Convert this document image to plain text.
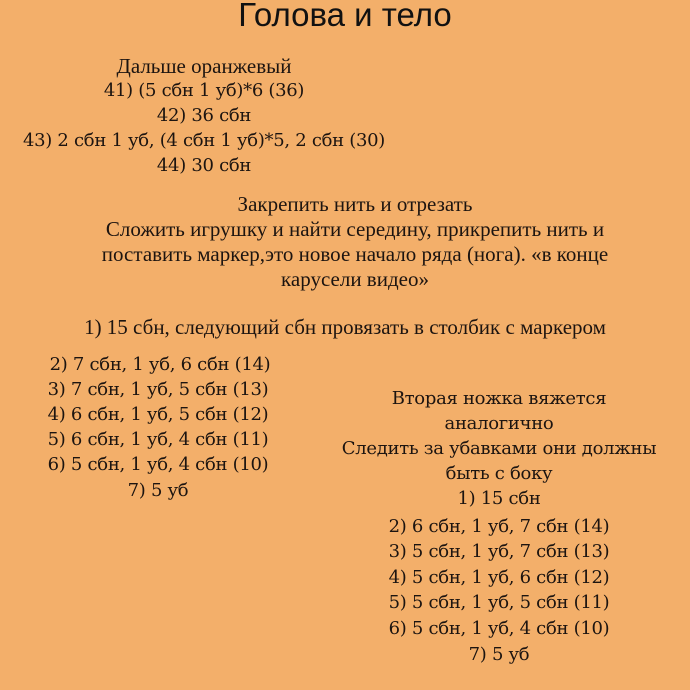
Голова и тело
Дальше оранжевый
41) (5 сбн 1 уб)*6 (36)
42) 36 сбн
43) 2 сбн 1 уб, (4 сбн 1 уб)*5, 2 сбн (30)
44) 30 сбн
Закрепить нить и отрезать
Сложить игрушку и найти середину, прикрепить нить и
поставить маркер,это новое начало ряда (нога). «в конце
карусели видео»
1) 15 сбн, следующий сбн провязать в столбик с маркером
2) 7 сбн, 1 уб, 6 сбн (14)
3) 7 сбн, 1 уб, 5 сбн (13)
4) 6 сбн, 1 уб, 5 сбн (12)
5) 6 сбн, 1 уб, 4 сбн (11)
6) 5 сбн, 1 уб, 4 сбн (10)
7) 5 уб
Вторая ножка вяжется
аналогично
Следить за убавками они должны
быть с боку
1) 15 сбн
2) 6 сбн, 1 уб, 7 сбн (14)
3) 5 сбн, 1 уб, 7 сбн (13)
4) 5 сбн, 1 уб, 6 сбн (12)
5) 5 сбн, 1 уб, 5 сбн (11)
6) 5 сбн, 1 уб, 4 сбн (10)
7) 5 уб
